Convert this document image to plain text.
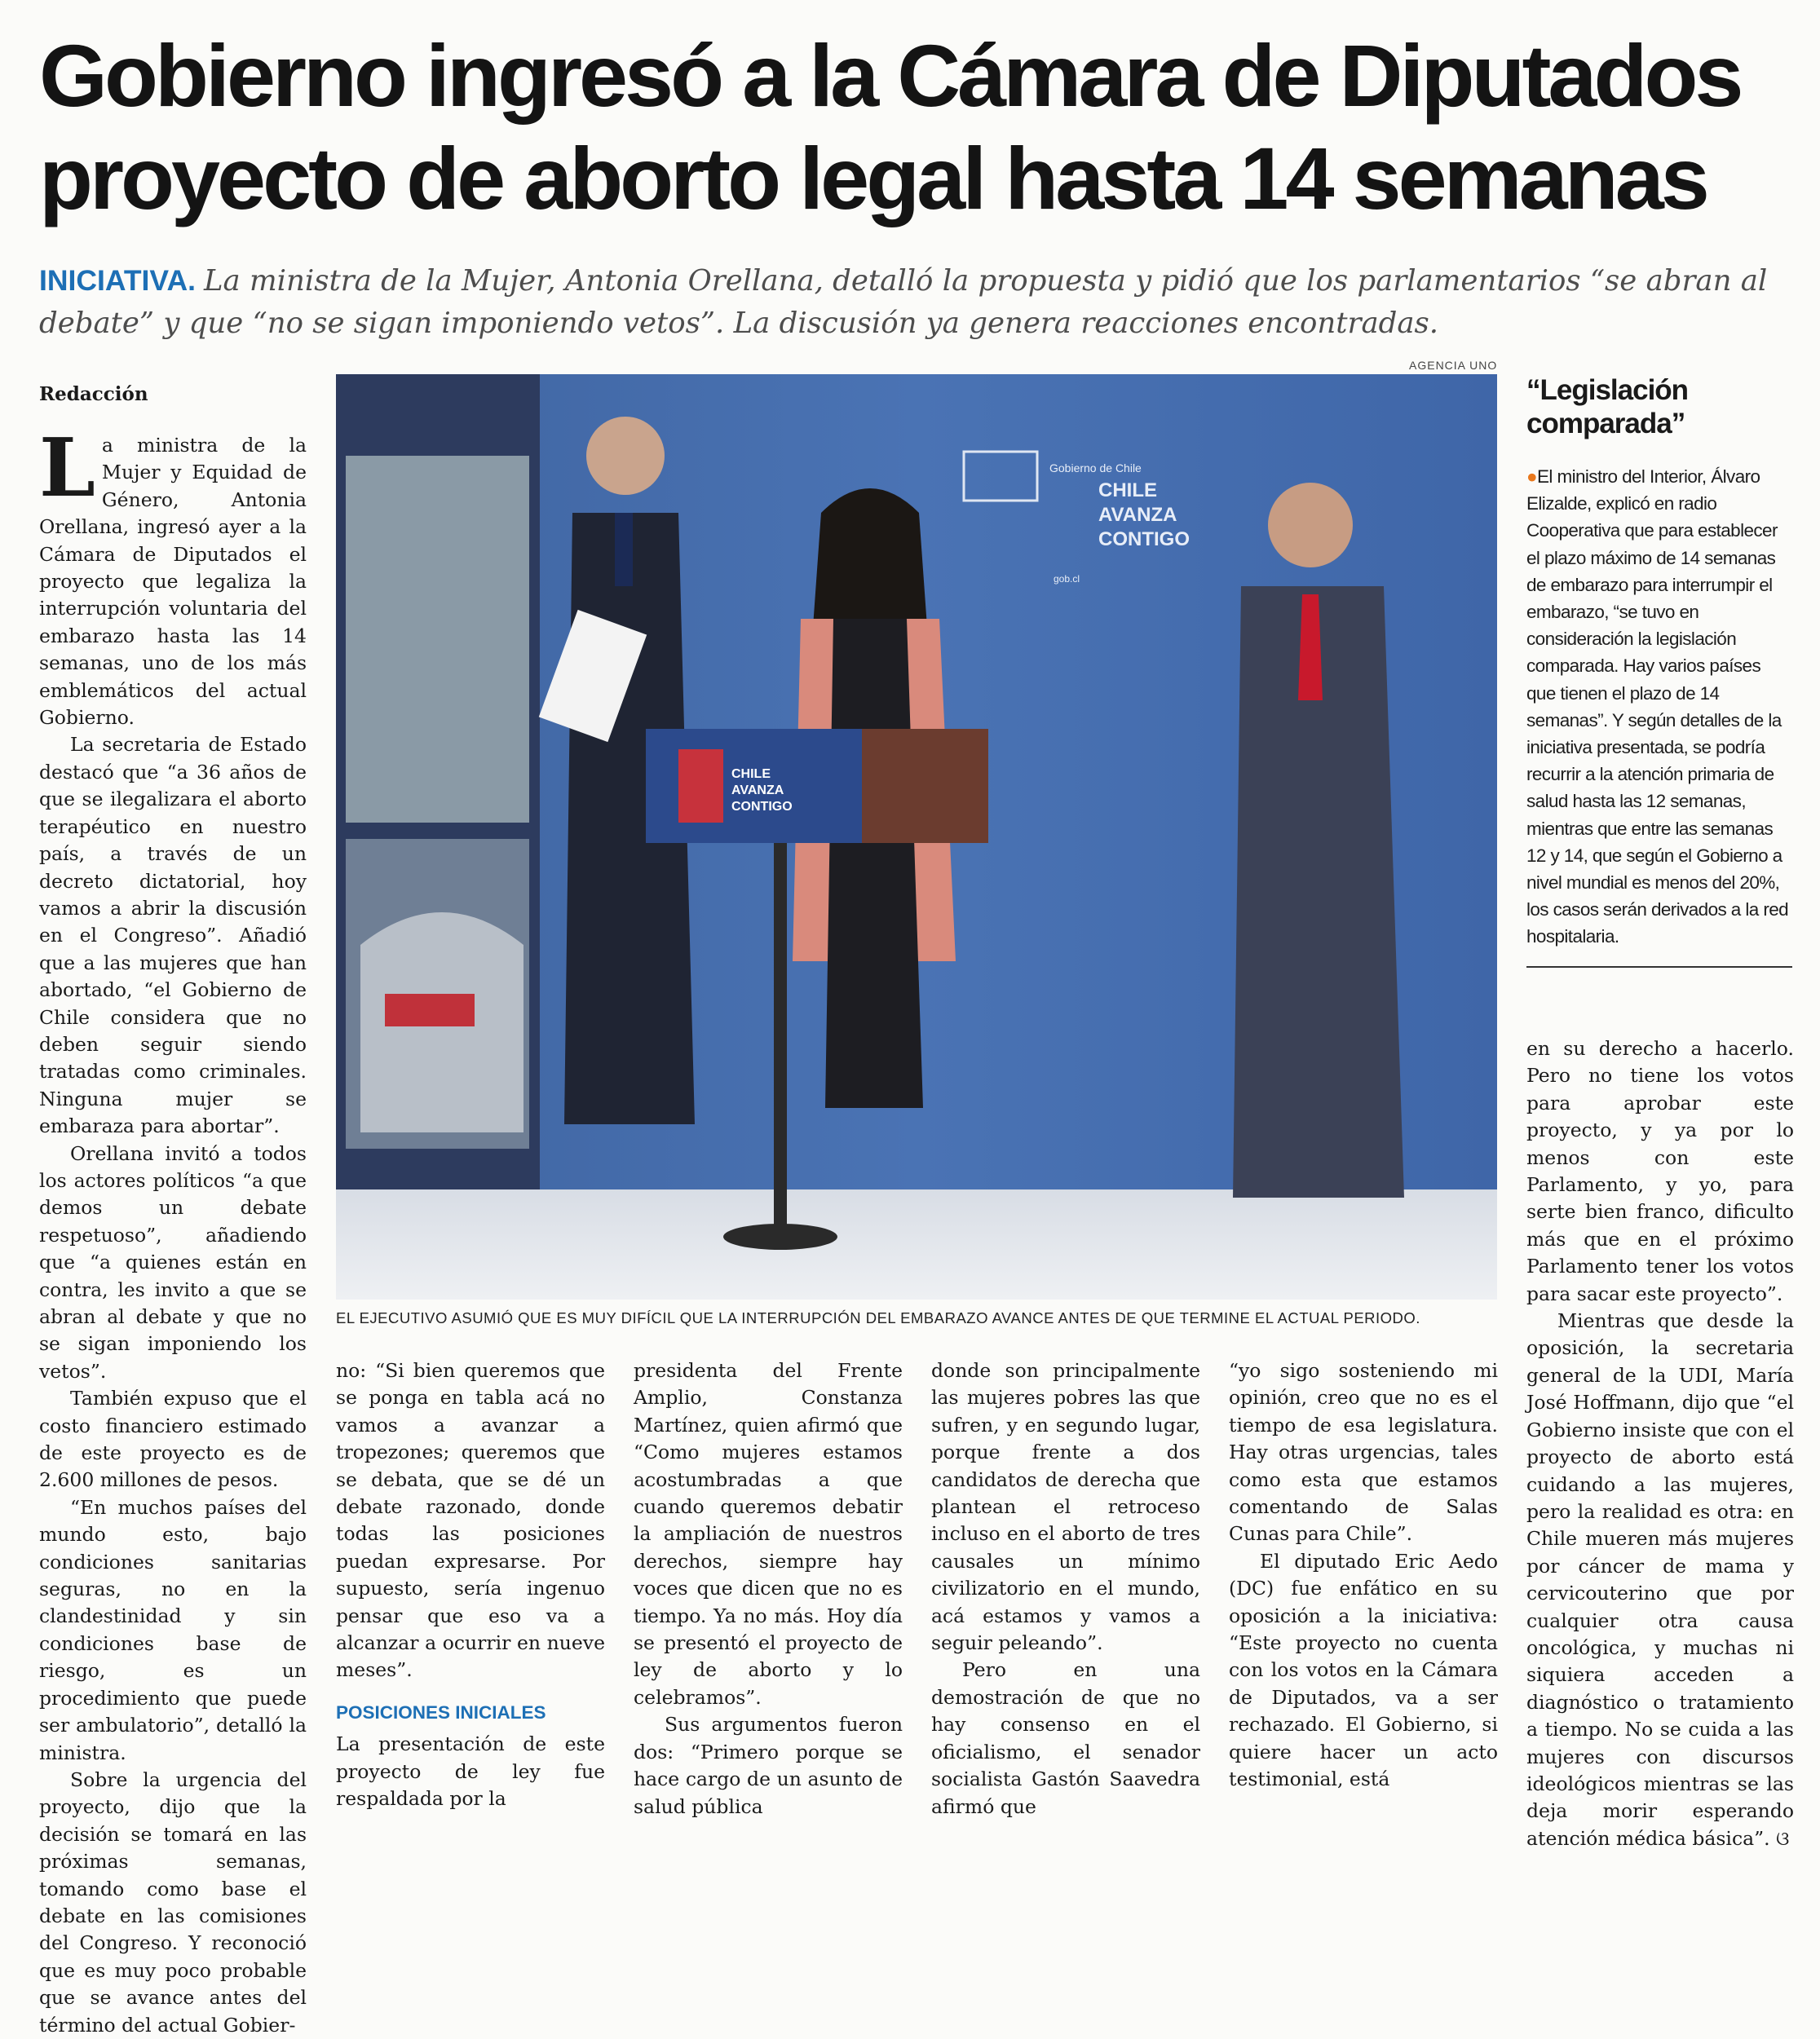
Gobierno ingresó a la Cámara de Diputados
proyecto de aborto legal hasta 14 semanas
INICIATIVA. La ministra de la Mujer, Antonia Orellana, detalló la propuesta y pidió que los parlamentarios “se abran al debate” y que “no se sigan imponiendo vetos”. La discusión ya genera reacciones encontradas.
Redacción

La ministra de la Mujer y Equidad de Género, Antonia Orellana, ingresó ayer a la Cámara de Diputados el proyecto que legaliza la interrupción voluntaria del embarazo hasta las 14 semanas, uno de los más emblemáticos del actual Gobierno.

La secretaria de Estado destacó que “a 36 años de que se ilegalizara el aborto terapéutico en nuestro país, a través de un decreto dictatorial, hoy vamos a abrir la discusión en el Congreso”. Añadió que a las mujeres que han abortado, “el Gobierno de Chile considera que no deben seguir siendo tratadas como criminales. Ninguna mujer se embaraza para abortar”.

Orellana invitó a todos los actores políticos “a que demos un debate respetuoso”, añadiendo que “a quienes están en contra, les invito a que se abran al debate y que no se sigan imponiendo los vetos”.

También expuso que el costo financiero estimado de este proyecto es de 2.600 millones de pesos.

“En muchos países del mundo esto, bajo condiciones sanitarias seguras, no en la clandestinidad y sin condiciones base de riesgo, es un procedimiento que puede ser ambulatorio”, detalló la ministra.

Sobre la urgencia del proyecto, dijo que la decisión se tomará en las próximas semanas, tomando como base el debate en las comisiones del Congreso. Y reconoció que es muy poco probable que se avance antes del término del actual Gobier-

AGENCIA UNO
Gobierno de Chile
CHILE
AVANZA
CONTIGO
gob.cl
CHILE
AVANZA
CONTIGO
EL EJECUTIVO ASUMIÓ QUE ES MUY DIFÍCIL QUE LA INTERRUPCIÓN DEL EMBARAZO AVANCE ANTES DE QUE TERMINE EL ACTUAL PERIODO.
“Legislación comparada”
●El ministro del Interior, Álvaro Elizalde, explicó en radio Cooperativa que para establecer el plazo máximo de 14 semanas de embarazo para interrumpir el embarazo, “se tuvo en consideración la legislación comparada. Hay varios países que tienen el plazo de 14 semanas”. Y según detalles de la iniciativa presentada, se podría recurrir a la atención primaria de salud hasta las 12 semanas, mientras que entre las semanas 12 y 14, que según el Gobierno a nivel mundial es menos del 20%, los casos serán derivados a la red hospitalaria.

no: “Si bien queremos que se ponga en tabla acá no vamos a avanzar a tropezones; queremos que se debata, que se dé un debate razonado, donde todas las posiciones puedan expresarse. Por supuesto, sería ingenuo pensar que eso va a alcanzar a ocurrir en nueve meses”.

POSICIONES INICIALES

La presentación de este proyecto de ley fue respaldada por la

presidenta del Frente Amplio, Constanza Martínez, quien afirmó que “Como mujeres estamos acostumbradas a que cuando queremos debatir la ampliación de nuestros derechos, siempre hay voces que dicen que no es tiempo. Ya no más. Hoy día se presentó el proyecto de ley de aborto y lo celebramos”.

Sus argumentos fueron dos: “Primero porque se hace cargo de un asunto de salud pública

donde son principalmente las mujeres pobres las que sufren, y en segundo lugar, porque frente a dos candidatos de derecha que plantean el retroceso incluso en el aborto de tres causales un mínimo civilizatorio en el mundo, acá estamos y vamos a seguir peleando”.

Pero en una demostración de que no hay consenso en el oficialismo, el senador socialista Gastón Saavedra afirmó que

“yo sigo sosteniendo mi opinión, creo que no es el tiempo de esa legislatura. Hay otras urgencias, tales como esta que estamos comentando de Salas Cunas para Chile”.

El diputado Eric Aedo (DC) fue enfático en su oposición a la iniciativa: “Este proyecto no cuenta con los votos en la Cámara de Diputados, va a ser rechazado. El Gobierno, si quiere hacer un acto testimonial, está

en su derecho a hacerlo. Pero no tiene los votos para aprobar este proyecto, y ya por lo menos con este Parlamento, y yo, para serte bien franco, dificulto más que en el próximo Parlamento tener los votos para sacar este proyecto”.

Mientras que desde la oposición, la secretaria general de la UDI, María José Hoffmann, dijo que “el Gobierno insiste que con el proyecto de aborto está cuidando a las mujeres, pero la realidad es otra: en Chile mueren más mujeres por cáncer de mama y cervicouterino que por cualquier otra causa oncológica, y muchas ni siquiera acceden a diagnóstico o tratamiento a tiempo. No se cuida a las mujeres con discursos ideológicos mientras se las deja morir esperando atención médica básica”. ଓ
